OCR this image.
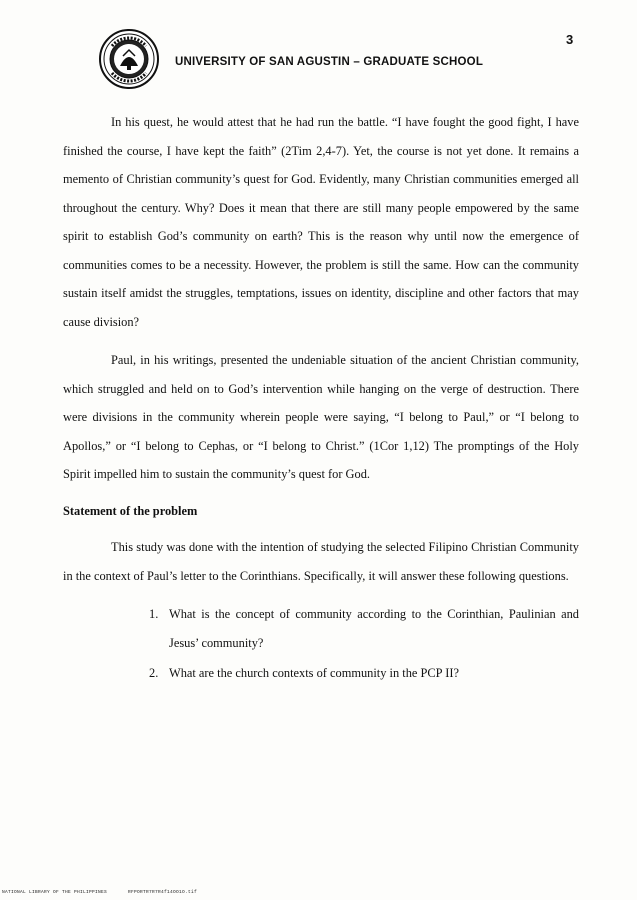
3
UNIVERSITY OF SAN AGUSTIN – GRADUATE SCHOOL

In his quest, he would attest that he had run the battle. “I have fought the good fight, I have finished the course, I have kept the faith” (2Tim 2,4-7). Yet, the course is not yet done. It remains a memento of Christian community’s quest for God. Evidently, many Christian communities emerged all throughout the century. Why? Does it mean that there are still many people empowered by the same spirit to establish God’s community on earth? This is the reason why until now the emergence of communities comes to be a necessity. However, the problem is still the same. How can the community sustain itself amidst the struggles, temptations, issues on identity, discipline and other factors that may cause division?

Paul, in his writings, presented the undeniable situation of the ancient Christian community, which struggled and held on to God’s intervention while hanging on the verge of destruction. There were divisions in the community wherein people were saying, “I belong to Paul,” or “I belong to Apollos,” or “I belong to Cephas, or “I belong to Christ.” (1Cor 1,12) The promptings of the Holy Spirit impelled him to sustain the community’s quest for God.

Statement of the problem

This study was done with the intention of studying the selected Filipino Christian Community in the context of Paul’s letter to the Corinthians. Specifically, it will answer these following questions.

1. What is the concept of community according to the Corinthian, Paulinian and Jesus’ community?
2. What are the church contexts of community in the PCP II?
NATIONAL LIBRARY OF THE PHILIPPINES	RFPORTR7R7R4f14OO1O.tif
